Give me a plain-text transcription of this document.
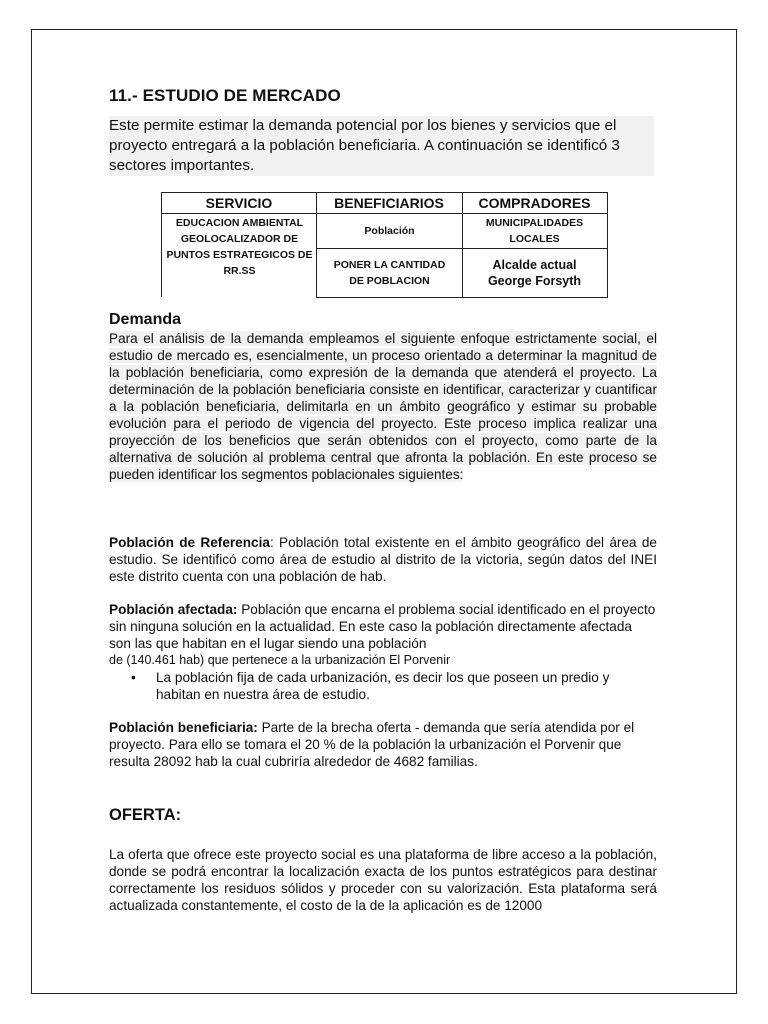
11.- ESTUDIO DE MERCADO
Este permite estimar la demanda potencial por los bienes y servicios que el proyecto entregará a la población beneficiaria. A continuación se identificó 3 sectores importantes.
SERVICIO	BENEFICIARIOS	COMPRADORES
EDUCACION AMBIENTAL GEOLOCALIZADOR DE PUNTOS ESTRATEGICOS DE RR.SS
Población
MUNICIPALIDADES LOCALES
PONER LA CANTIDAD DE POBLACION
Alcalde actual George Forsyth
Demanda
Para el análisis de la demanda empleamos el siguiente enfoque estrictamente social, el estudio de mercado es, esencialmente, un proceso orientado a determinar la magnitud de la población beneficiaria, como expresión de la demanda que atenderá el proyecto. La determinación de la población beneficiaria consiste en identificar, caracterizar y cuantificar a la población beneficiaria, delimitarla en un ámbito geográfico y estimar su probable evolución para el periodo de vigencia del proyecto. Este proceso implica realizar una proyección de los beneficios que serán obtenidos con el proyecto, como parte de la alternativa de solución al problema central que afronta la población. En este proceso se pueden identificar los segmentos poblacionales siguientes:
Población de Referencia: Población total existente en el ámbito geográfico del área de estudio. Se identificó como área de estudio al distrito de la victoria, según datos del INEI este distrito cuenta con una población de hab.
Población afectada: Población que encarna el problema social identificado en el proyecto sin ninguna solución en la actualidad. En este caso la población directamente afectada son las que habitan en el lugar siendo una población
de (140.461 hab) que pertenece a la urbanización El Porvenir
• La población fija de cada urbanización, es decir los que poseen un predio y habitan en nuestra área de estudio.
Población beneficiaria: Parte de la brecha oferta - demanda que sería atendida por el proyecto. Para ello se tomara el 20 % de la población la urbanización el Porvenir que resulta 28092 hab la cual cubriría alrededor de 4682 familias.
OFERTA:
La oferta que ofrece este proyecto social es una plataforma de libre acceso a la población, donde se podrá encontrar la localización exacta de los puntos estratégicos para destinar correctamente los residuos sólidos y proceder con su valorización. Esta plataforma será actualizada constantemente, el costo de la de la aplicación es de 12000
